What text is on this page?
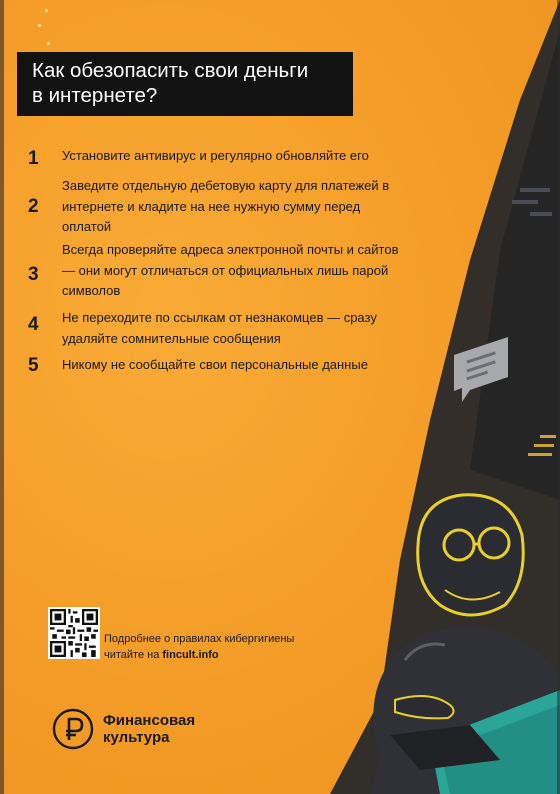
Как обезопасить свои деньги
в интернете?
1 Установите антивирус и регулярно обновляйте его
2
Заведите отдельную дебетовую карту для платежей в интернете и кладите на нее нужную сумму перед оплатой
3
Всегда проверяйте адреса электронной почты и сайтов — они могут отличаться от официальных лишь парой символов
4 Не переходите по ссылкам от незнакомцев — сразу удаляйте сомнительные сообщения
5 Никому не сообщайте свои персональные данные
Подробнее о правилах кибергигиены
читайте на fincult.info
Финансовая
культура
